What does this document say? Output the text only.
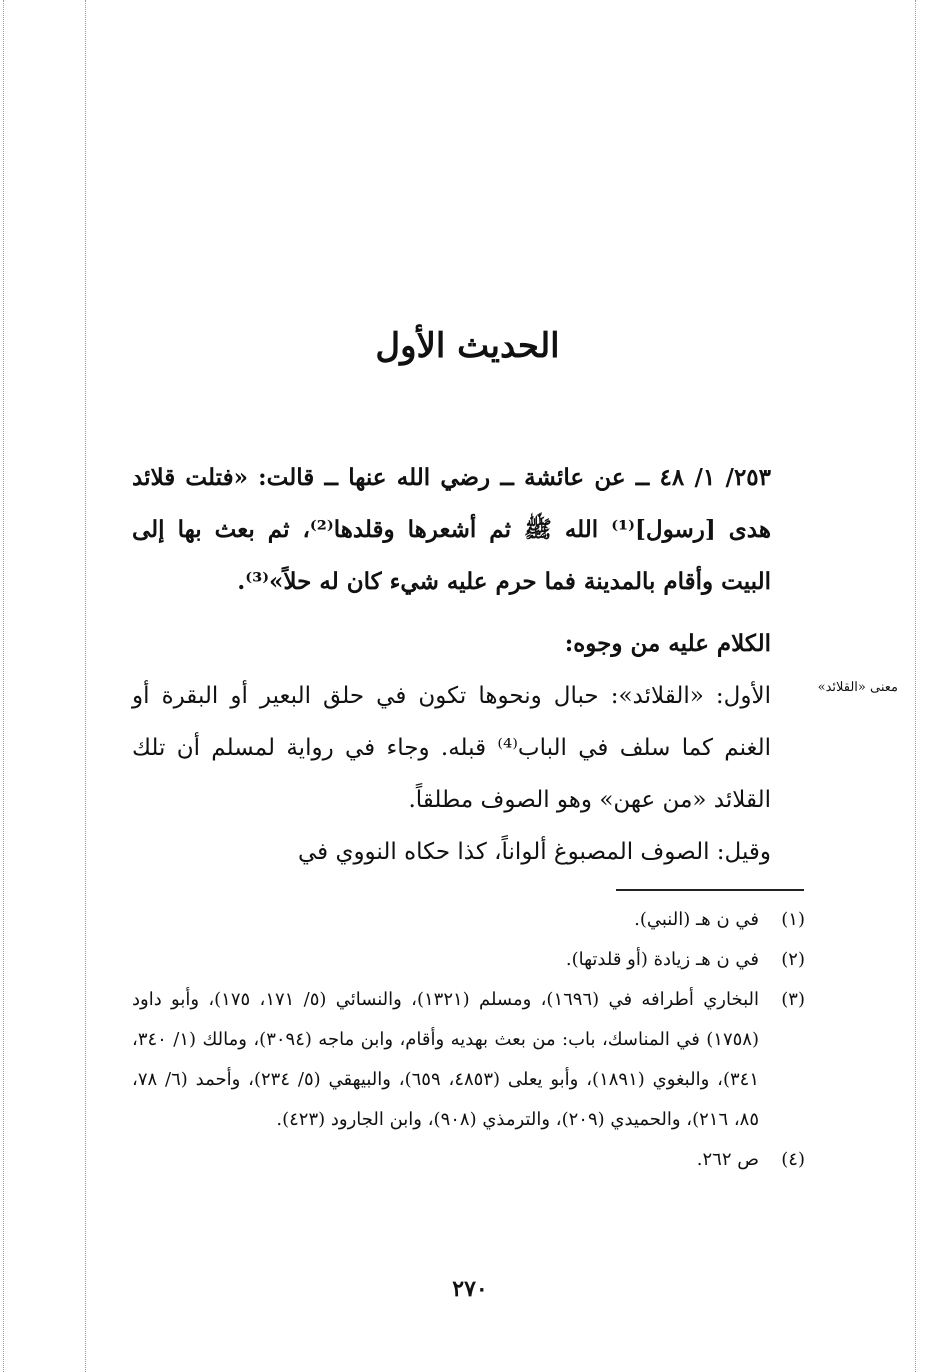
الحديث الأول

٢٥٣/ ١/ ٤٨ ــ عن عائشة ــ رضي الله عنها ــ قالت: «فتلت قلائد هدى [رسول]⁽¹⁾ الله ﷺ ثم أشعرها وقلدها⁽²⁾، ثم بعث بها إلى البيت وأقام بالمدينة فما حرم عليه شيء كان له حلاً»⁽³⁾.

الكلام عليه من وجوه:

الأول: «القلائد»: حبال ونحوها تكون في حلق البعير أو البقرة أو الغنم كما سلف في الباب⁽⁴⁾ قبله. وجاء في رواية لمسلم أن تلك القلائد «من عهن» وهو الصوف مطلقاً.

وقيل: الصوف المصبوغ ألواناً، كذا حكاه النووي في

معنى «القلائد»
(١)
في ن هـ (النبي).
(٢)
في ن هـ زيادة (أو قلدتها).
(٣)
البخاري أطرافه في (١٦٩٦)، ومسلم (١٣٢١)، والنسائي (٥/ ١٧١، ١٧٥)، وأبو داود (١٧٥٨) في المناسك، باب: من بعث بهديه وأقام، وابن ماجه (٣٠٩٤)، ومالك (١/ ٣٤٠، ٣٤١)، والبغوي (١٨٩١)، وأبو يعلى (٤٨٥٣، ٦٥٩)، والبيهقي (٥/ ٢٣٤)، وأحمد (٦/ ٧٨، ٨٥، ٢١٦)، والحميدي (٢٠٩)، والترمذي (٩٠٨)، وابن الجارود (٤٢٣).
(٤)
ص ٢٦٢.
٢٧٠
